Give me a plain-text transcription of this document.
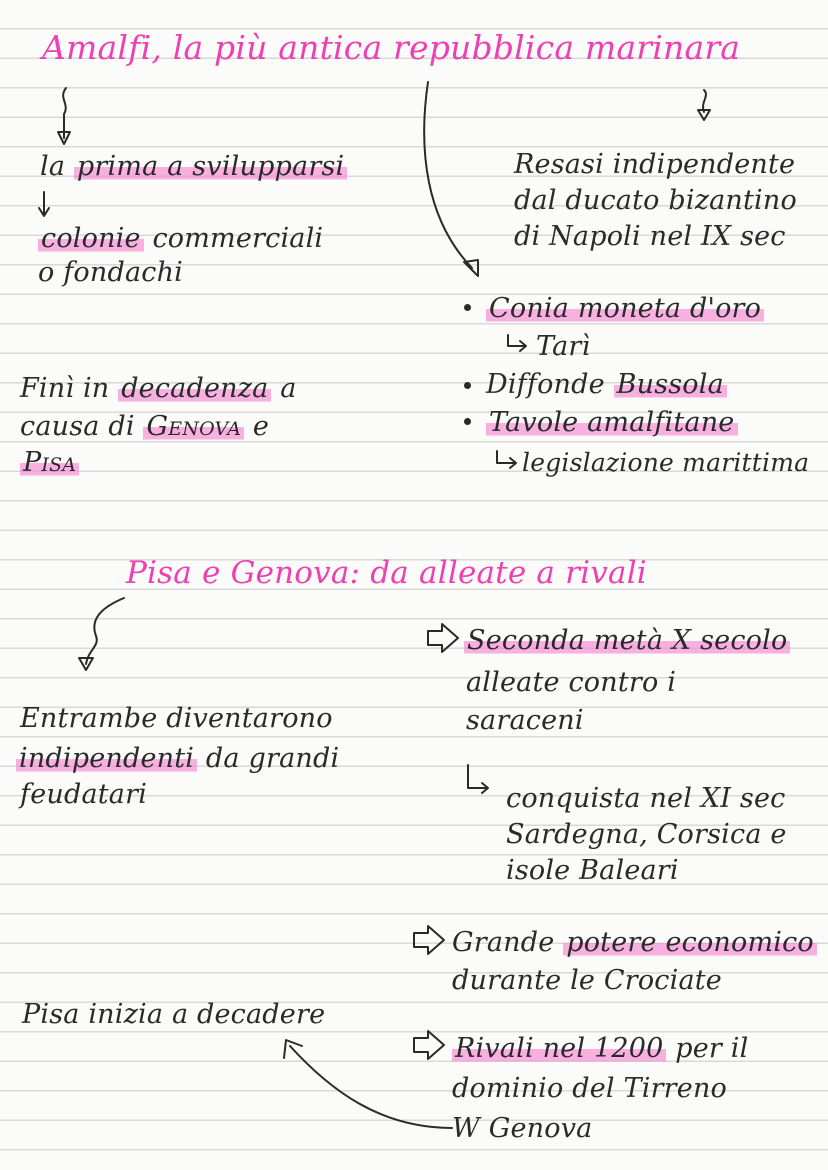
Amalfi, la più antica repubblica marinara

la prima a svilupparsi

colonie commerciali

o fondachi

Finì in decadenza a

causa di Genova e

Pisa

Resasi indipendente

dal ducato bizantino

di Napoli nel IX sec

Conia moneta d'oro

Tarì

Diffonde Bussola

Tavole amalfitane

legislazione marittima

Pisa e Genova: da alleate a rivali

Entrambe diventarono

indipendenti da grandi

feudatari

Pisa inizia a decadere

Seconda metà X secolo

alleate contro i

saraceni

conquista nel XI sec

Sardegna, Corsica e

isole Baleari

Grande potere economico

durante le Crociate

Rivali nel 1200 per il

dominio del Tirreno

W Genova
